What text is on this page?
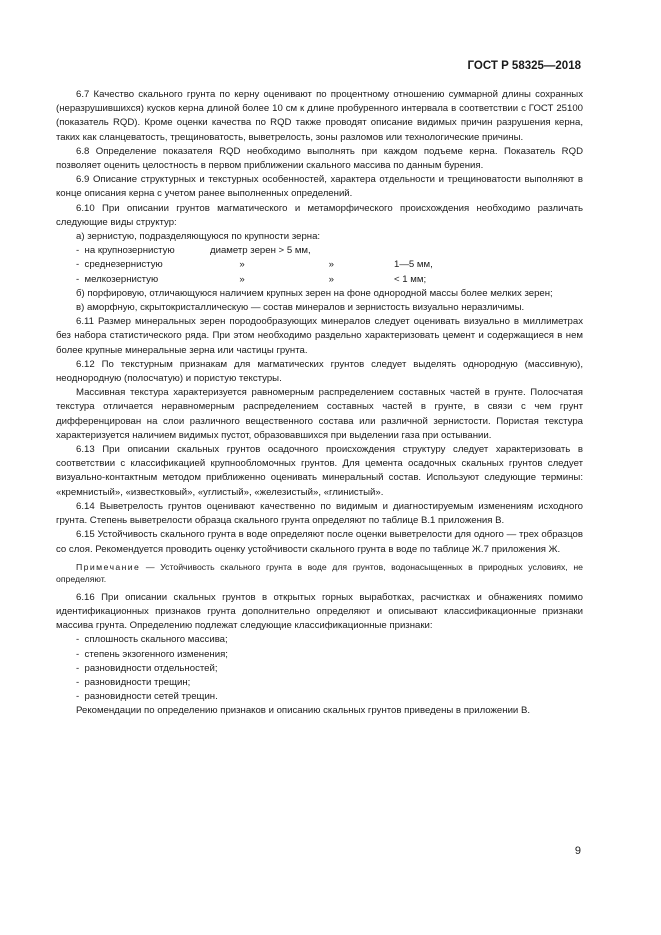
ГОСТ Р 58325—2018

6.7 Качество скального грунта по керну оценивают по процентному отношению суммарной длины сохранных (неразрушившихся) кусков керна длиной более 10 см к длине пробуренного интервала в соответствии с ГОСТ 25100 (показатель RQD). Кроме оценки качества по RQD также проводят описание видимых причин разрушения керна, таких как сланцеватость, трещиноватость, выветрелость, зоны разломов или технологические причины.

6.8 Определение показателя RQD необходимо выполнять при каждом подъеме керна. Показатель RQD позволяет оценить целостность в первом приближении скального массива по данным бурения.

6.9 Описание структурных и текстурных особенностей, характера отдельности и трещиноватости выполняют в конце описания керна с учетом ранее выполненных определений.

6.10 При описании грунтов магматического и метаморфического происхождения необходимо различать следующие виды структур:

а) зернистую, подразделяющуюся по крупности зерна:

-  на крупнозернистую	диаметр зерен > 5 мм,
-  среднезернистую	»	»	1—5 мм,
-  мелкозернистую	»	»	< 1 мм;

б) порфировую, отличающуюся наличием крупных зерен на фоне однородной массы более мелких зерен;

в) аморфную, скрытокристаллическую — состав минералов и зернистость визуально неразличимы.

6.11 Размер минеральных зерен породообразующих минералов следует оценивать визуально в миллиметрах без набора статистического ряда. При этом необходимо раздельно характеризовать цемент и содержащиеся в нем более крупные минеральные зерна или частицы грунта.

6.12 По текстурным признакам для магматических грунтов следует выделять однородную (массивную), неоднородную (полосчатую) и пористую текстуры.

Массивная текстура характеризуется равномерным распределением составных частей в грунте. Полосчатая текстура отличается неравномерным распределением составных частей в грунте, в связи с чем грунт дифференцирован на слои различного вещественного состава или различной зернистости. Пористая текстура характеризуется наличием видимых пустот, образовавшихся при выделении газа при остывании.

6.13 При описании скальных грунтов осадочного происхождения структуру следует характеризовать в соответствии с классификацией крупнообломочных грунтов. Для цемента осадочных скальных грунтов следует визуально-контактным методом приближенно оценивать минеральный состав. Используют следующие термины: «кремнистый», «известковый», «углистый», «железистый», «глинистый».

6.14 Выветрелость грунтов оценивают качественно по видимым и диагностируемым изменениям исходного грунта. Степень выветрелости образца скального грунта определяют по таблице В.1 приложения В.

6.15 Устойчивость скального грунта в воде определяют после оценки выветрелости для одного — трех образцов со слоя. Рекомендуется проводить оценку устойчивости скального грунта в воде по таблице Ж.7 приложения Ж.

Примечание — Устойчивость скального грунта в воде для грунтов, водонасыщенных в природных условиях, не определяют.

6.16 При описании скальных грунтов в открытых горных выработках, расчистках и обнажениях помимо идентификационных признаков грунта дополнительно определяют и описывают классификационные признаки массива грунта. Определению подлежат следующие классификационные признаки:

-  сплошность скального массива;
-  степень экзогенного изменения;
-  разновидности отдельностей;
-  разновидности трещин;
-  разновидности сетей трещин.

Рекомендации по определению признаков и описанию скальных грунтов приведены в приложении В.

9
